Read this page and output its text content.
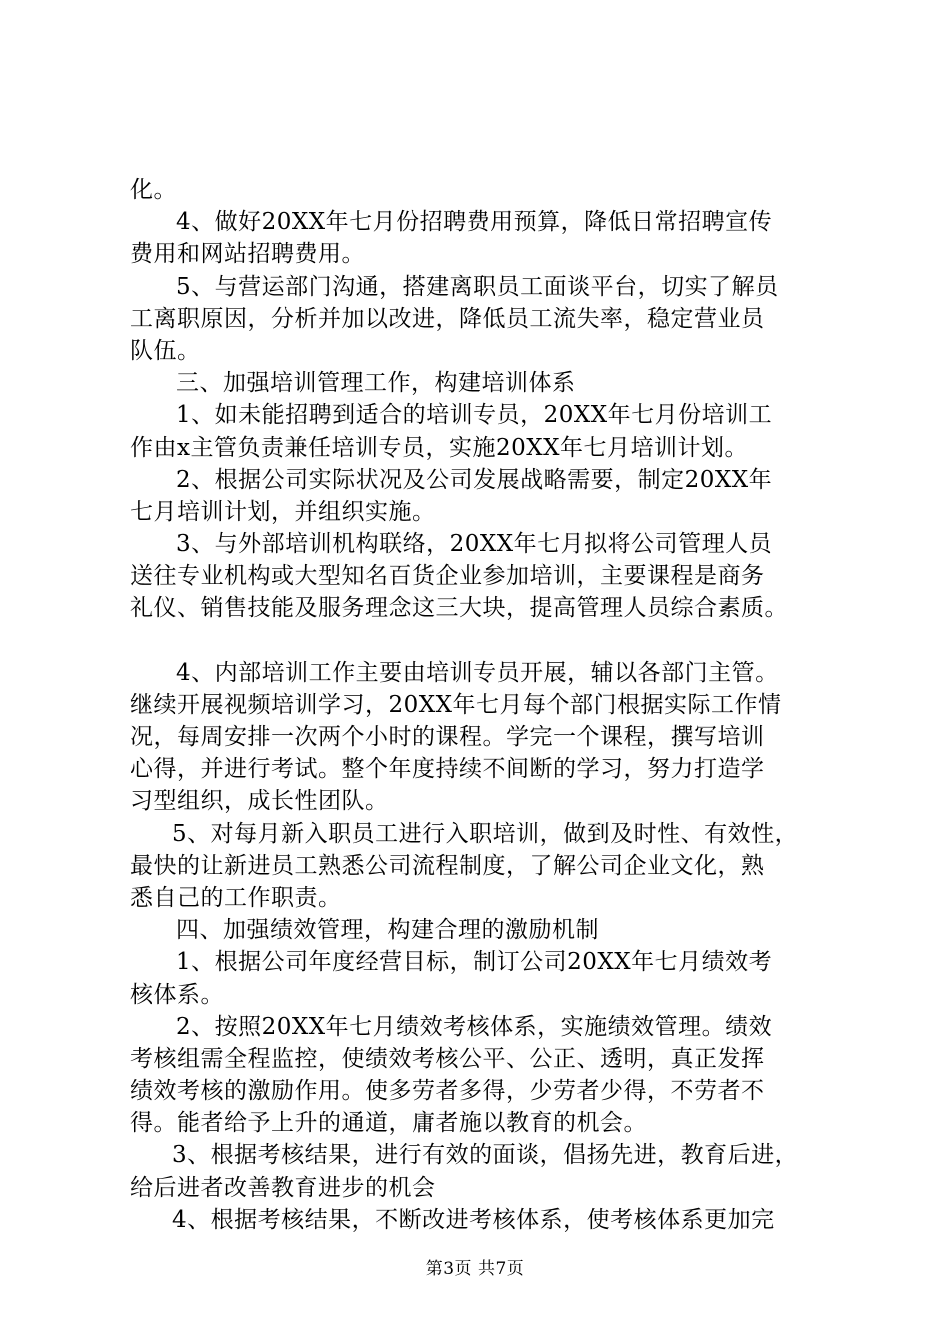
化。
4、做好20XX年七月份招聘费用预算，降低日常招聘宣传
费用和网站招聘费用。
5、与营运部门沟通，搭建离职员工面谈平台，切实了解员
工离职原因，分析并加以改进，降低员工流失率，稳定营业员
队伍。
三、加强培训管理工作，构建培训体系
1、如未能招聘到适合的培训专员，20XX年七月份培训工
作由x主管负责兼任培训专员，实施20XX年七月培训计划。
2、根据公司实际状况及公司发展战略需要，制定20XX年
七月培训计划，并组织实施。
3、与外部培训机构联络，20XX年七月拟将公司管理人员
送往专业机构或大型知名百货企业参加培训，主要课程是商务
礼仪、销售技能及服务理念这三大块，提高管理人员综合素质。
4、内部培训工作主要由培训专员开展，辅以各部门主管。
继续开展视频培训学习，20XX年七月每个部门根据实际工作情
况，每周安排一次两个小时的课程。学完一个课程，撰写培训
心得，并进行考试。整个年度持续不间断的学习，努力打造学
习型组织，成长性团队。
5、对每月新入职员工进行入职培训，做到及时性、有效性，
最快的让新进员工熟悉公司流程制度，了解公司企业文化，熟
悉自己的工作职责。
四、加强绩效管理，构建合理的激励机制
1、根据公司年度经营目标，制订公司20XX年七月绩效考
核体系。
2、按照20XX年七月绩效考核体系，实施绩效管理。绩效
考核组需全程监控，使绩效考核公平、公正、透明，真正发挥
绩效考核的激励作用。使多劳者多得，少劳者少得，不劳者不
得。能者给予上升的通道，庸者施以教育的机会。
3、根据考核结果，进行有效的面谈，倡扬先进，教育后进，
给后进者改善教育进步的机会
4、根据考核结果，不断改进考核体系，使考核体系更加完
第3页 共7页
